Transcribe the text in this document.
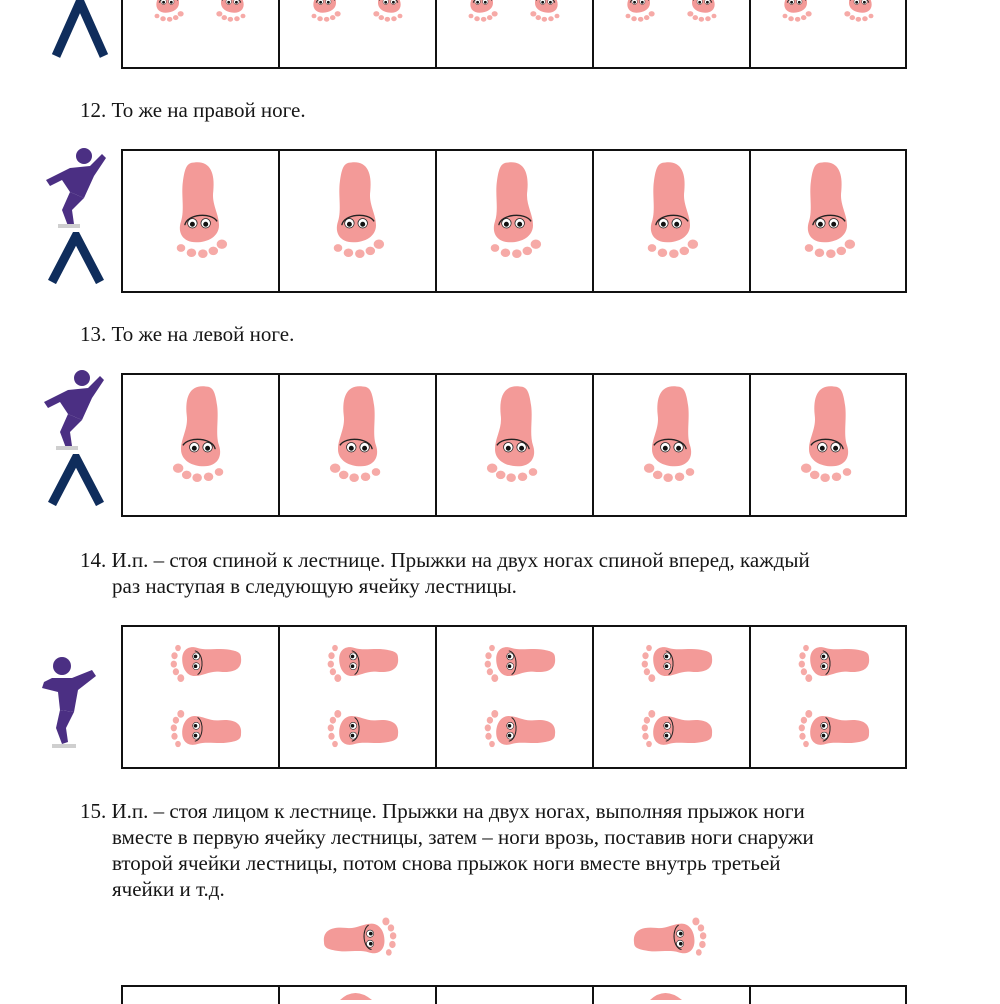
12. То же на правой ноге.
13. То же на левой ноге.
14. И.п. – стоя спиной к лестнице. Прыжки на двух ногах спиной вперед, каждый
раз наступая в следующую ячейку лестницы.
15. И.п. – стоя лицом к лестнице. Прыжки на двух ногах, выполняя прыжок ноги
вместе в первую ячейку лестницы, затем – ноги врозь, поставив ноги снаружи
второй ячейки лестницы, потом снова прыжок ноги вместе внутрь третьей
ячейки и т.д.
